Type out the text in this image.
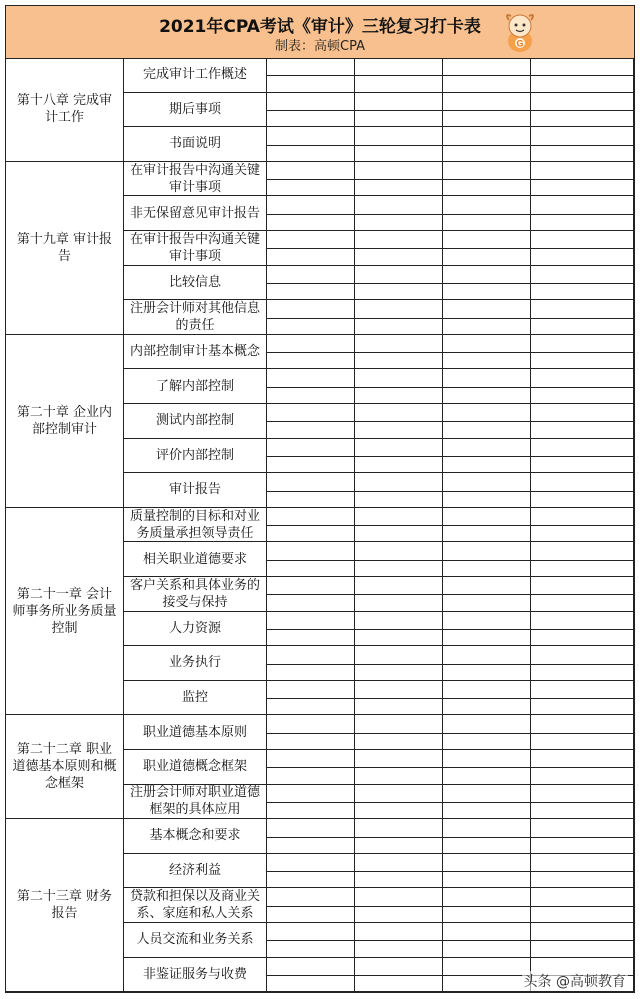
2021年CPA考试《审计》三轮复习打卡表
制表：高顿CPA	G
第十八章 完成审计工作
完成审计工作概述
期后事项
书面说明
第十九章 审计报告
在审计报告中沟通关键审计事项
非无保留意见审计报告
在审计报告中沟通关键审计事项
比较信息
注册会计师对其他信息的责任
第二十章 企业内部控制审计
内部控制审计基本概念
了解内部控制
测试内部控制
评价内部控制
审计报告
第二十一章 会计师事务所业务质量控制
质量控制的目标和对业务质量承担领导责任
相关职业道德要求
客户关系和具体业务的接受与保持
人力资源
业务执行
监控
第二十二章 职业道德基本原则和概念框架
职业道德基本原则
职业道德概念框架
注册会计师对职业道德框架的具体应用
第二十三章 财务报告
基本概念和要求
经济利益
贷款和担保以及商业关系、家庭和私人关系
人员交流和业务关系
非鉴证服务与收费	头条 @高顿教育
